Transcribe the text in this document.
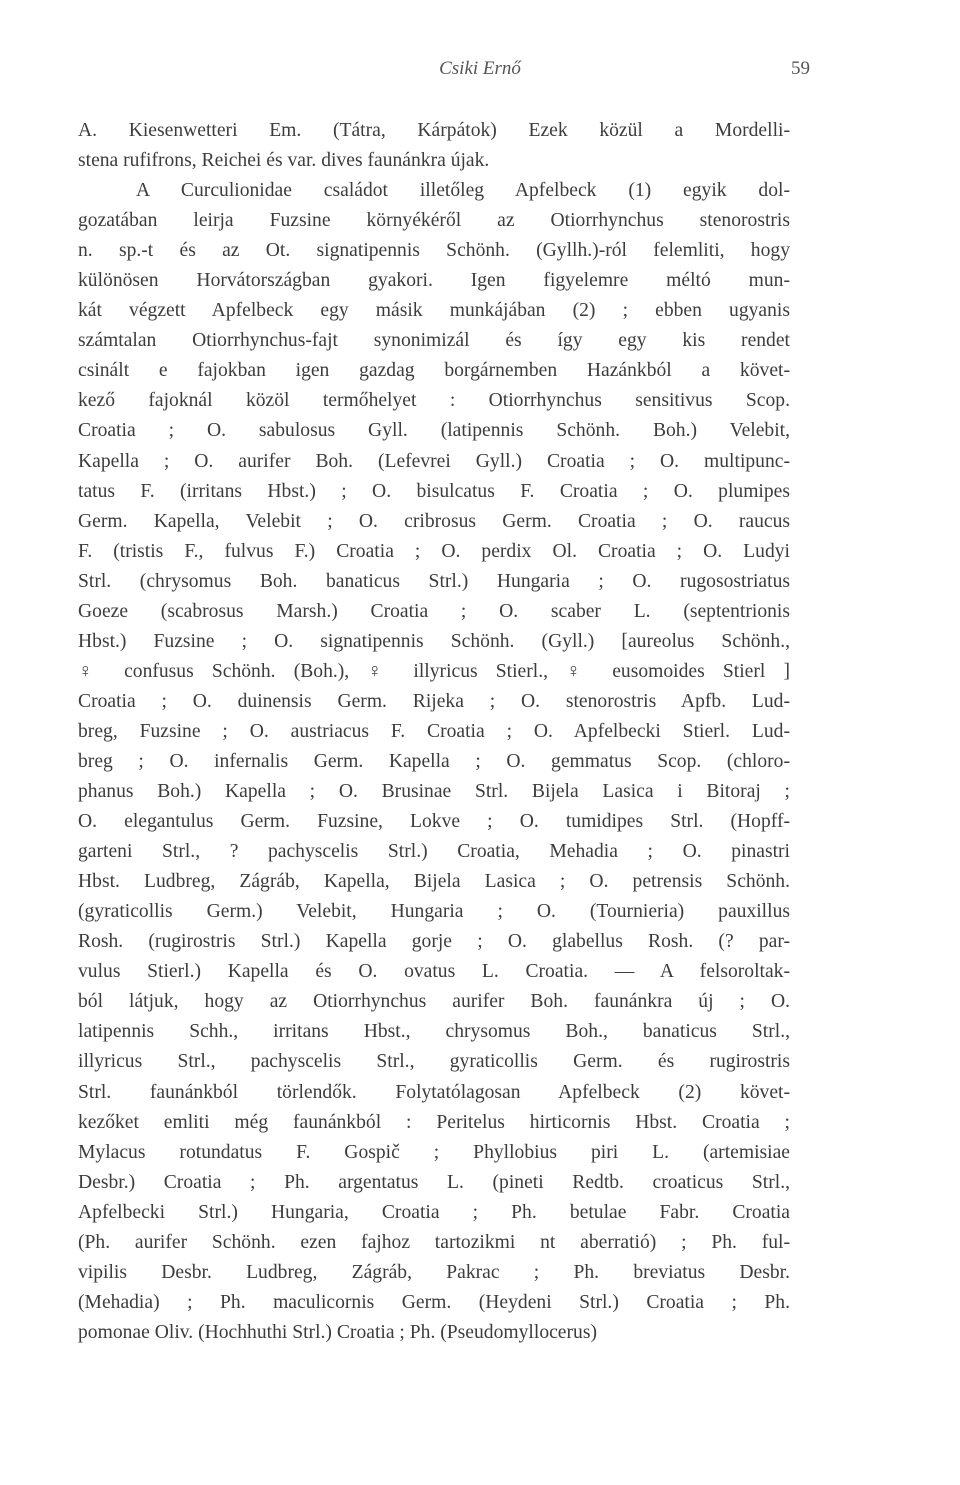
Csiki Ernő	59
A. Kiesenwetteri Em. (Tátra, Kárpátok) Ezek közül a Mordelli-
stena rufifrons, Reichei és var. dives faunánkra újak.
A Curculionidae családot illetőleg Apfelbeck (1) egyik dol-
gozatában leirja Fuzsine környékéről az Otiorrhynchus stenorostris
n. sp.-t és az Ot. signatipennis Schönh. (Gyllh.)-ról felemliti, hogy
különösen Horvátországban gyakori. Igen figyelemre méltó mun-
kát végzett Apfelbeck egy másik munkájában (2) ; ebben ugyanis
számtalan Otiorrhynchus-fajt synonimizál és így egy kis rendet
csinált e fajokban igen gazdag borgárnemben Hazánkból a követ-
kező fajoknál közöl termőhelyet : Otiorrhynchus sensitivus Scop.
Croatia ; O. sabulosus Gyll. (latipennis Schönh. Boh.) Velebit,
Kapella ; O. aurifer Boh. (Lefevrei Gyll.) Croatia ; O. multipunc-
tatus F. (irritans Hbst.) ; O. bisulcatus F. Croatia ; O. plumipes
Germ. Kapella, Velebit ; O. cribrosus Germ. Croatia ; O. raucus
F. (tristis F., fulvus F.) Croatia ; O. perdix Ol. Croatia ; O. Ludyi
Strl. (chrysomus Boh. banaticus Strl.) Hungaria ; O. rugosostriatus
Goeze (scabrosus Marsh.) Croatia ; O. scaber L. (septentrionis
Hbst.) Fuzsine ; O. signatipennis Schönh. (Gyll.) [aureolus Schönh.,
♀ confusus Schönh. (Boh.), ♀ illyricus Stierl., ♀ eusomoides Stierl ]
Croatia ; O. duinensis Germ. Rijeka ; O. stenorostris Apfb. Lud-
breg, Fuzsine ; O. austriacus F. Croatia ; O. Apfelbecki Stierl. Lud-
breg ; O. infernalis Germ. Kapella ; O. gemmatus Scop. (chloro-
phanus Boh.) Kapella ; O. Brusinae Strl. Bijela Lasica i Bitoraj ;
O. elegantulus Germ. Fuzsine, Lokve ; O. tumidipes Strl. (Hopff-
garteni Strl., ? pachyscelis Strl.) Croatia, Mehadia ; O. pinastri
Hbst. Ludbreg, Zágráb, Kapella, Bijela Lasica ; O. petrensis Schönh.
(gyraticollis Germ.) Velebit, Hungaria ; O. (Tournieria) pauxillus
Rosh. (rugirostris Strl.) Kapella gorje ; O. glabellus Rosh. (? par-
vulus Stierl.) Kapella és O. ovatus L. Croatia. — A felsoroltak-
ból látjuk, hogy az Otiorrhynchus aurifer Boh. faunánkra új ; O.
latipennis Schh., irritans Hbst., chrysomus Boh., banaticus Strl.,
illyricus Strl., pachyscelis Strl., gyraticollis Germ. és rugirostris
Strl. faunánkból törlendők. Folytatólagosan Apfelbeck (2) követ-
kezőket emliti még faunánkból : Peritelus hirticornis Hbst. Croatia ;
Mylacus rotundatus F. Gospič ; Phyllobius piri L. (artemisiae
Desbr.) Croatia ; Ph. argentatus L. (pineti Redtb. croaticus Strl.,
Apfelbecki Strl.) Hungaria, Croatia ; Ph. betulae Fabr. Croatia
(Ph. aurifer Schönh. ezen fajhoz tartozikmi nt aberratió) ; Ph. ful-
vipilis Desbr. Ludbreg, Zágráb, Pakrac ; Ph. breviatus Desbr.
(Mehadia) ; Ph. maculicornis Germ. (Heydeni Strl.) Croatia ; Ph.
pomonae Oliv. (Hochhuthi Strl.) Croatia ; Ph. (Pseudomyllocerus)
